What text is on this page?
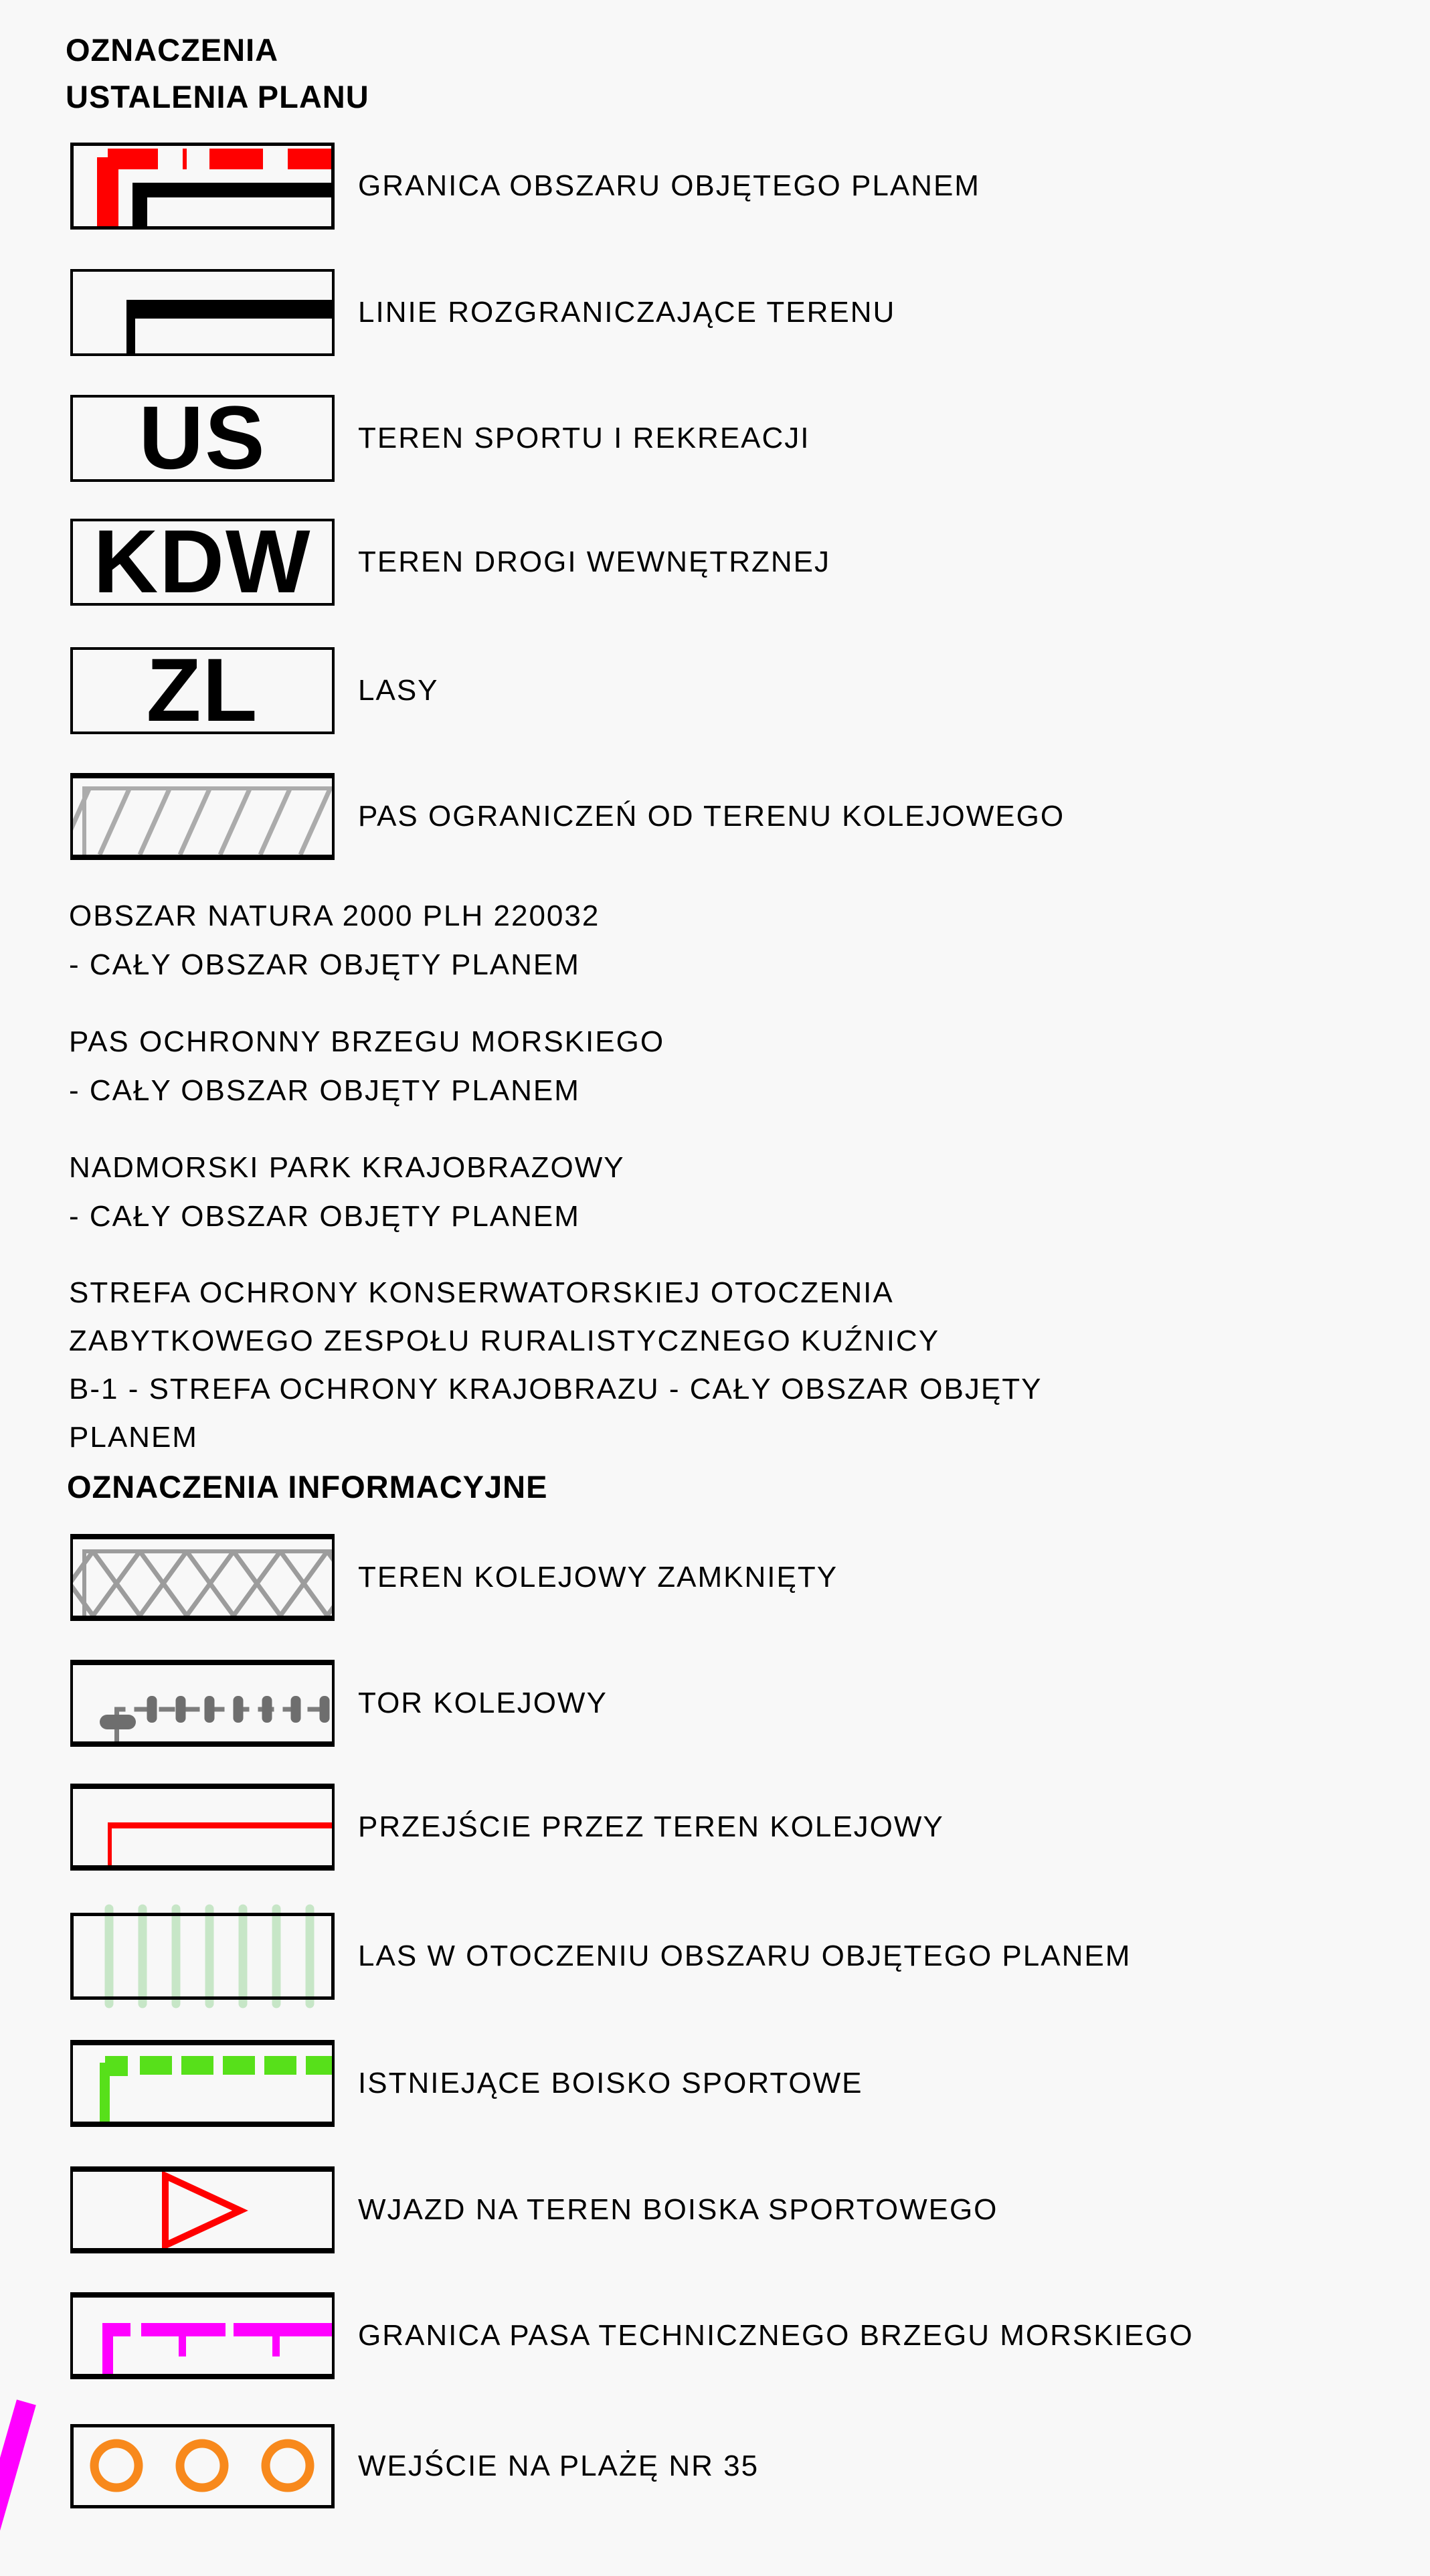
OZNACZENIA
USTALENIA PLANU
GRANICA OBSZARU OBJĘTEGO PLANEM
LINIE ROZGRANICZAJĄCE TERENU
US	TEREN SPORTU I REKREACJI
KDW	TEREN DROGI WEWNĘTRZNEJ
ZL	LASY
PAS OGRANICZEŃ OD TERENU KOLEJOWEGO
OBSZAR NATURA 2000 PLH 220032
- CAŁY OBSZAR OBJĘTY PLANEM
PAS OCHRONNY BRZEGU MORSKIEGO
- CAŁY OBSZAR OBJĘTY PLANEM
NADMORSKI PARK KRAJOBRAZOWY
- CAŁY OBSZAR OBJĘTY PLANEM
STREFA OCHRONY KONSERWATORSKIEJ OTOCZENIA
ZABYTKOWEGO ZESPOŁU RURALISTYCZNEGO KUŹNICY
B-1 - STREFA OCHRONY KRAJOBRAZU - CAŁY OBSZAR OBJĘTY
PLANEM
OZNACZENIA INFORMACYJNE
TEREN KOLEJOWY ZAMKNIĘTY
TOR KOLEJOWY
PRZEJŚCIE PRZEZ TEREN KOLEJOWY
LAS W OTOCZENIU OBSZARU OBJĘTEGO PLANEM
ISTNIEJĄCE BOISKO SPORTOWE
WJAZD NA TEREN BOISKA SPORTOWEGO
GRANICA PASA TECHNICZNEGO BRZEGU MORSKIEGO
WEJŚCIE NA PLAŻĘ NR 35
